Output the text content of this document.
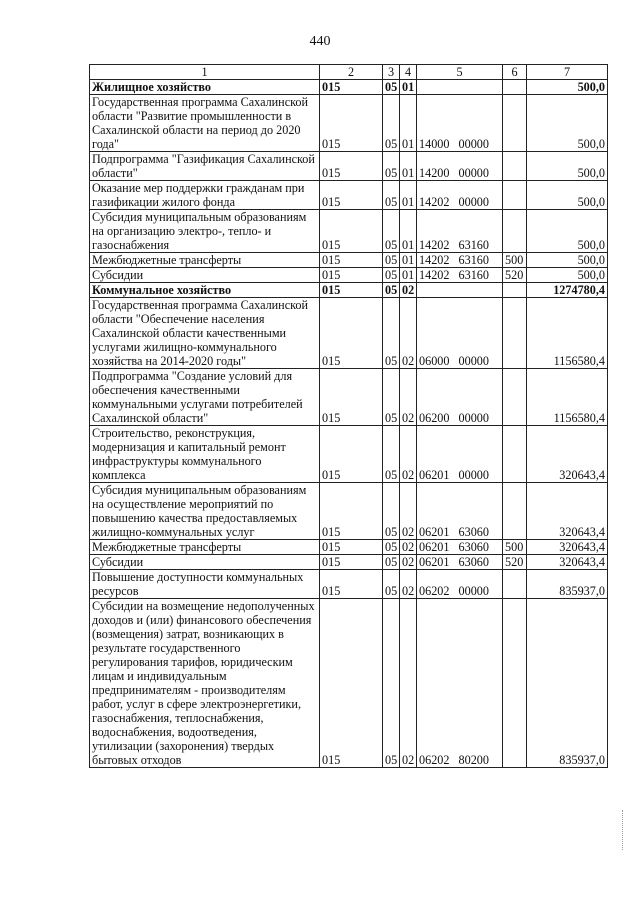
440
1	2	3	4	5	6	7
Жилищное хозяйство	015	05	01			500,0
Государственная программа Сахалинской области "Развитие промышленности в Сахалинской области на период до 2020 года"	015	05	01	14000 00000		500,0
Подпрограмма "Газификация Сахалинской области"	015	05	01	14200 00000		500,0
Оказание мер поддержки гражданам при газификации жилого фонда	015	05	01	14202 00000		500,0
Субсидия муниципальным образованиям на организацию электро-, тепло- и газоснабжения	015	05	01	14202 63160		500,0
Межбюджетные трансферты	015	05	01	14202 63160	500	500,0
Субсидии	015	05	01	14202 63160	520	500,0
Коммунальное хозяйство	015	05	02			1274780,4
Государственная программа Сахалинской области "Обеспечение населения Сахалинской области качественными услугами жилищно-коммунального хозяйства на 2014-2020 годы"	015	05	02	06000 00000		1156580,4
Подпрограмма "Создание условий для обеспечения качественными коммунальными услугами потребителей Сахалинской области"	015	05	02	06200 00000		1156580,4
Строительство, реконструкция, модернизация и капитальный ремонт инфраструктуры коммунального комплекса	015	05	02	06201 00000		320643,4
Субсидия муниципальным образованиям на осуществление мероприятий по повышению качества предоставляемых жилищно-коммунальных услуг	015	05	02	06201 63060		320643,4
Межбюджетные трансферты	015	05	02	06201 63060	500	320643,4
Субсидии	015	05	02	06201 63060	520	320643,4
Повышение доступности коммунальных ресурсов	015	05	02	06202 00000		835937,0
Субсидии на возмещение недополученных доходов и (или) финансового обеспечения (возмещения) затрат, возникающих в результате государственного регулирования тарифов, юридическим лицам и индивидуальным предпринимателям - производителям работ, услуг в сфере электроэнергетики, газоснабжения, теплоснабжения, водоснабжения, водоотведения, утилизации (захоронения) твердых бытовых отходов	015	05	02	06202 80200		835937,0
